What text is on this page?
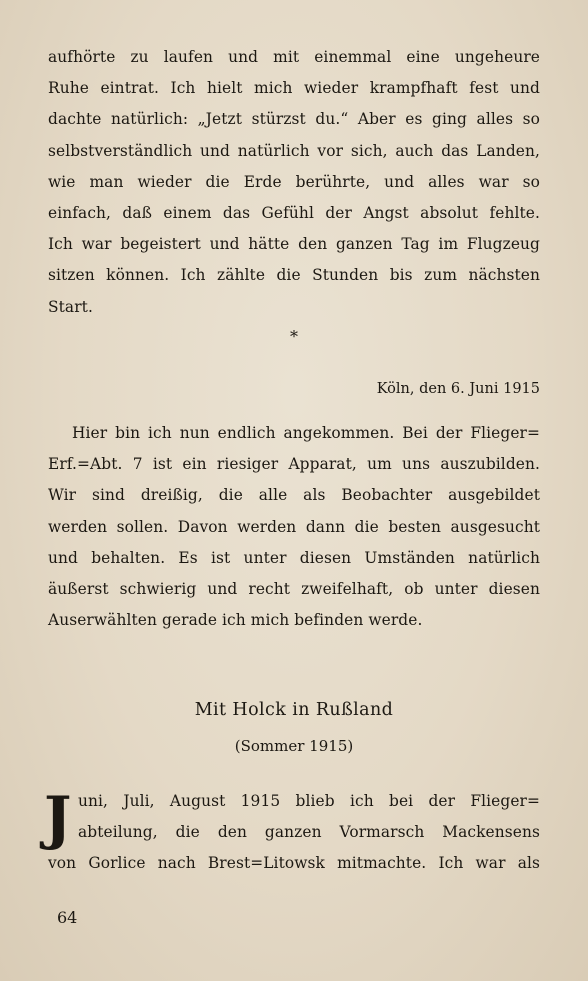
aufhörte zu laufen und mit einemmal eine ungeheure
Ruhe eintrat. Ich hielt mich wieder krampfhaft fest und
dachte natürlich: „Jetzt stürzst du.“ Aber es ging alles so
selbstverständlich und natürlich vor sich, auch das Landen,
wie man wieder die Erde berührte, und alles war so
einfach, daß einem das Gefühl der Angst absolut fehlte.
Ich war begeistert und hätte den ganzen Tag im Flugzeug
sitzen können. Ich zählte die Stunden bis zum nächsten
Start.
*
Köln, den 6. Juni 1915
Hier bin ich nun endlich angekommen. Bei der Flieger=
Erf.=Abt. 7 ist ein riesiger Apparat, um uns auszubilden.
Wir sind dreißig, die alle als Beobachter ausgebildet
werden sollen. Davon werden dann die besten ausgesucht
und behalten. Es ist unter diesen Umständen natürlich
äußerst schwierig und recht zweifelhaft, ob unter diesen
Auserwählten gerade ich mich befinden werde.
Mit Holck in Rußland
(Sommer 1915)
J uni, Juli, August 1915 blieb ich bei der Flieger=
abteilung, die den ganzen Vormarsch Mackensens
von Gorlice nach Brest=Litowsk mitmachte. Ich war als
64
